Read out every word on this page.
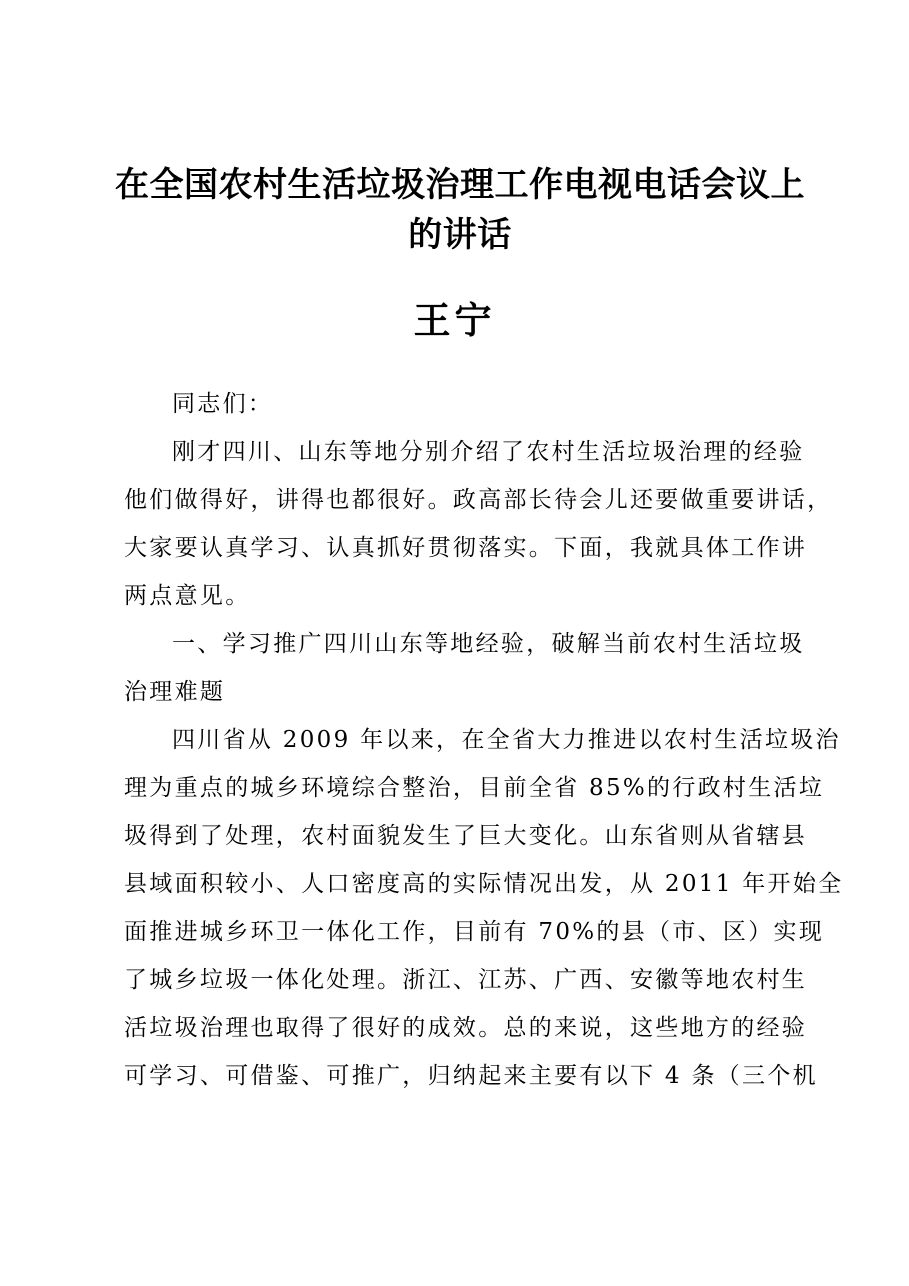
在全国农村生活垃圾治理工作电视电话会议上
的讲话
王宁
同志们：
刚才四川、山东等地分别介绍了农村生活垃圾治理的经验
他们做得好，讲得也都很好。政高部长待会儿还要做重要讲话，
大家要认真学习、认真抓好贯彻落实。下面，我就具体工作讲
两点意见。
一、学习推广四川山东等地经验，破解当前农村生活垃圾
治理难题
四川省从 2009 年以来，在全省大力推进以农村生活垃圾治
理为重点的城乡环境综合整治，目前全省 85%的行政村生活垃
圾得到了处理，农村面貌发生了巨大变化。山东省则从省辖县
县域面积较小、人口密度高的实际情况出发，从 2011 年开始全
面推进城乡环卫一体化工作，目前有 70%的县（市、区）实现
了城乡垃圾一体化处理。浙江、江苏、广西、安徽等地农村生
活垃圾治理也取得了很好的成效。总的来说，这些地方的经验
可学习、可借鉴、可推广，归纳起来主要有以下 4 条（三个机
